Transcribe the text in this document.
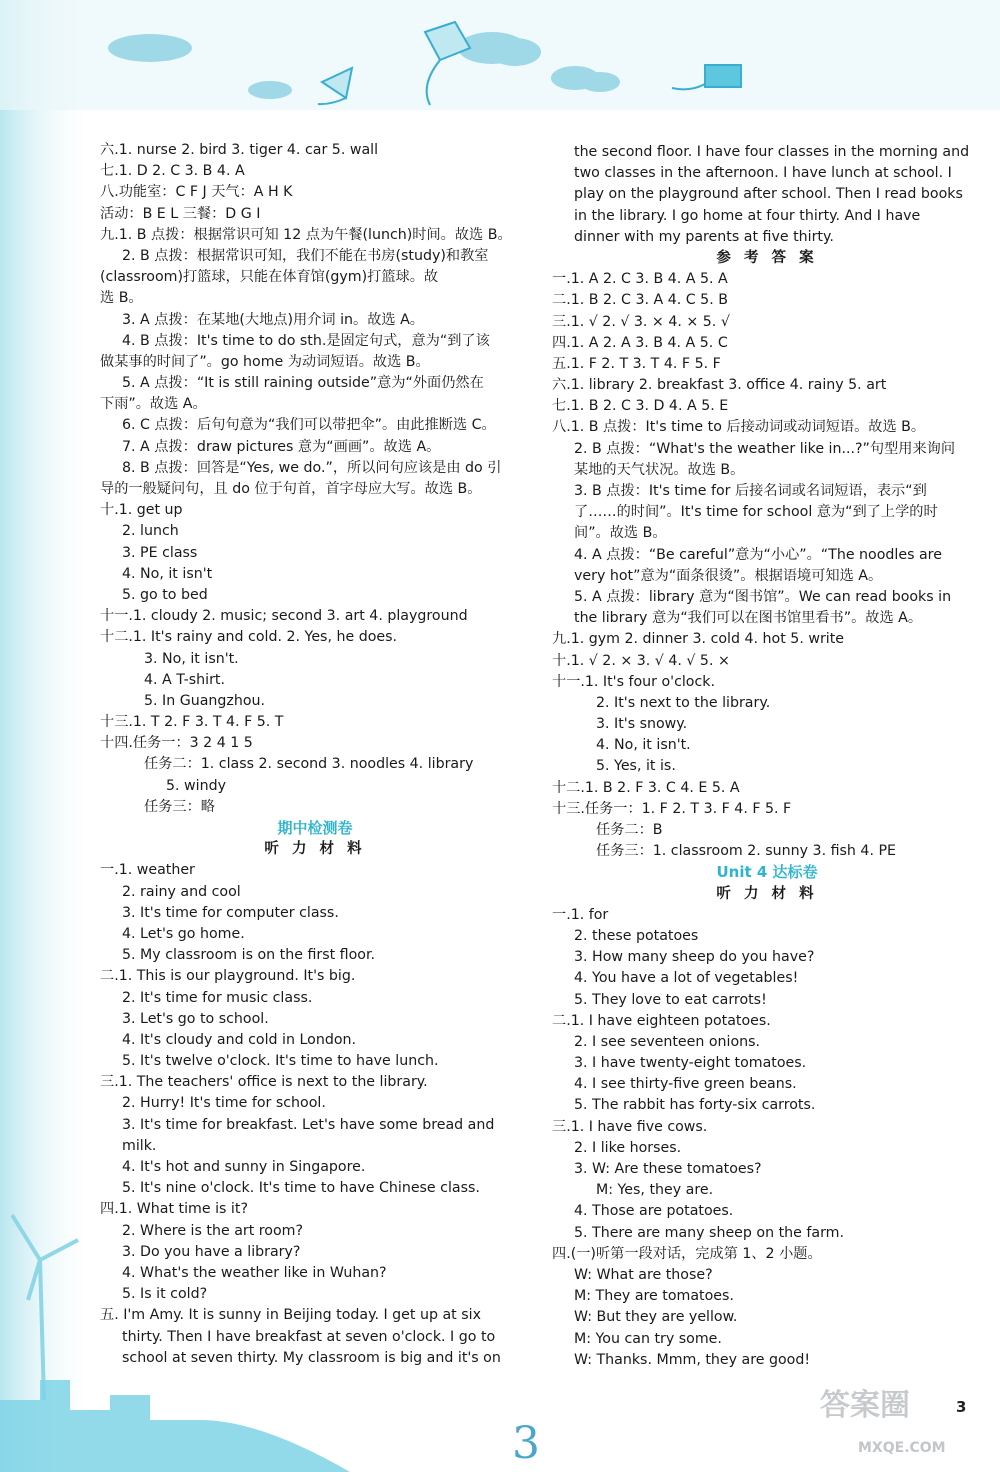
六.1. nurse 2. bird 3. tiger 4. car 5. wall
七.1. D 2. C 3. B 4. A
八.功能室：C F J 天气：A H K
活动：B E L 三餐：D G I
九.1. B 点拨：根据常识可知 12 点为午餐(lunch)时间。故选 B。
2. B 点拨：根据常识可知，我们不能在书房(study)和教室
(classroom)打篮球，只能在体育馆(gym)打篮球。故
选 B。
3. A 点拨：在某地(大地点)用介词 in。故选 A。
4. B 点拨：It's time to do sth.是固定句式，意为“到了该
做某事的时间了”。go home 为动词短语。故选 B。
5. A 点拨：“It is still raining outside”意为“外面仍然在
下雨”。故选 A。
6. C 点拨：后句句意为“我们可以带把伞”。由此推断选 C。
7. A 点拨：draw pictures 意为“画画”。故选 A。
8. B 点拨：回答是“Yes, we do.”，所以问句应该是由 do 引
导的一般疑问句，且 do 位于句首，首字母应大写。故选 B。
十.1. get up
2. lunch
3. PE class
4. No, it isn't
5. go to bed
十一.1. cloudy 2. music; second 3. art 4. playground
十二.1. It's rainy and cold. 2. Yes, he does.
3. No, it isn't.
4. A T-shirt.
5. In Guangzhou.
十三.1. T 2. F 3. T 4. F 5. T
十四.任务一：3 2 4 1 5
任务二：1. class 2. second 3. noodles 4. library
5. windy
任务三：略
期中检测卷
听 力 材 料
一.1. weather
2. rainy and cool
3. It's time for computer class.
4. Let's go home.
5. My classroom is on the first floor.
二.1. This is our playground. It's big.
2. It's time for music class.
3. Let's go to school.
4. It's cloudy and cold in London.
5. It's twelve o'clock. It's time to have lunch.
三.1. The teachers' office is next to the library.
2. Hurry! It's time for school.
3. It's time for breakfast. Let's have some bread and
milk.
4. It's hot and sunny in Singapore.
5. It's nine o'clock. It's time to have Chinese class.
四.1. What time is it?
2. Where is the art room?
3. Do you have a library?
4. What's the weather like in Wuhan?
5. Is it cold?
五. I'm Amy. It is sunny in Beijing today. I get up at six
thirty. Then I have breakfast at seven o'clock. I go to
school at seven thirty. My classroom is big and it's on
the second floor. I have four classes in the morning and
two classes in the afternoon. I have lunch at school. I
play on the playground after school. Then I read books
in the library. I go home at four thirty. And I have
dinner with my parents at five thirty.
参 考 答 案
一.1. A 2. C 3. B 4. A 5. A
二.1. B 2. C 3. A 4. C 5. B
三.1. √ 2. √ 3. × 4. × 5. √
四.1. A 2. A 3. B 4. A 5. C
五.1. F 2. T 3. T 4. F 5. F
六.1. library 2. breakfast 3. office 4. rainy 5. art
七.1. B 2. C 3. D 4. A 5. E
八.1. B 点拨：It's time to 后接动词或动词短语。故选 B。
2. B 点拨：“What's the weather like in...?”句型用来询问
某地的天气状况。故选 B。
3. B 点拨：It's time for 后接名词或名词短语，表示“到
了……的时间”。It's time for school 意为“到了上学的时
间”。故选 B。
4. A 点拨：“Be careful”意为“小心”。“The noodles are
very hot”意为“面条很烫”。根据语境可知选 A。
5. A 点拨：library 意为“图书馆”。We can read books in
the library 意为“我们可以在图书馆里看书”。故选 A。
九.1. gym 2. dinner 3. cold 4. hot 5. write
十.1. √ 2. × 3. √ 4. √ 5. ×
十一.1. It's four o'clock.
2. It's next to the library.
3. It's snowy.
4. No, it isn't.
5. Yes, it is.
十二.1. B 2. F 3. C 4. E 5. A
十三.任务一：1. F 2. T 3. F 4. F 5. F
任务二：B
任务三：1. classroom 2. sunny 3. fish 4. PE
Unit 4 达标卷
听 力 材 料
一.1. for
2. these potatoes
3. How many sheep do you have?
4. You have a lot of vegetables!
5. They love to eat carrots!
二.1. I have eighteen potatoes.
2. I see seventeen onions.
3. I have twenty-eight tomatoes.
4. I see thirty-five green beans.
5. The rabbit has forty-six carrots.
三.1. I have five cows.
2. I like horses.
3. W: Are these tomatoes?
M: Yes, they are.
4. Those are potatoes.
5. There are many sheep on the farm.
四.(一)听第一段对话，完成第 1、2 小题。
W: What are those?
M: They are tomatoes.
W: But they are yellow.
M: You can try some.
W: Thanks. Mmm, they are good!
3
3
答案圈
MXQE.COM
